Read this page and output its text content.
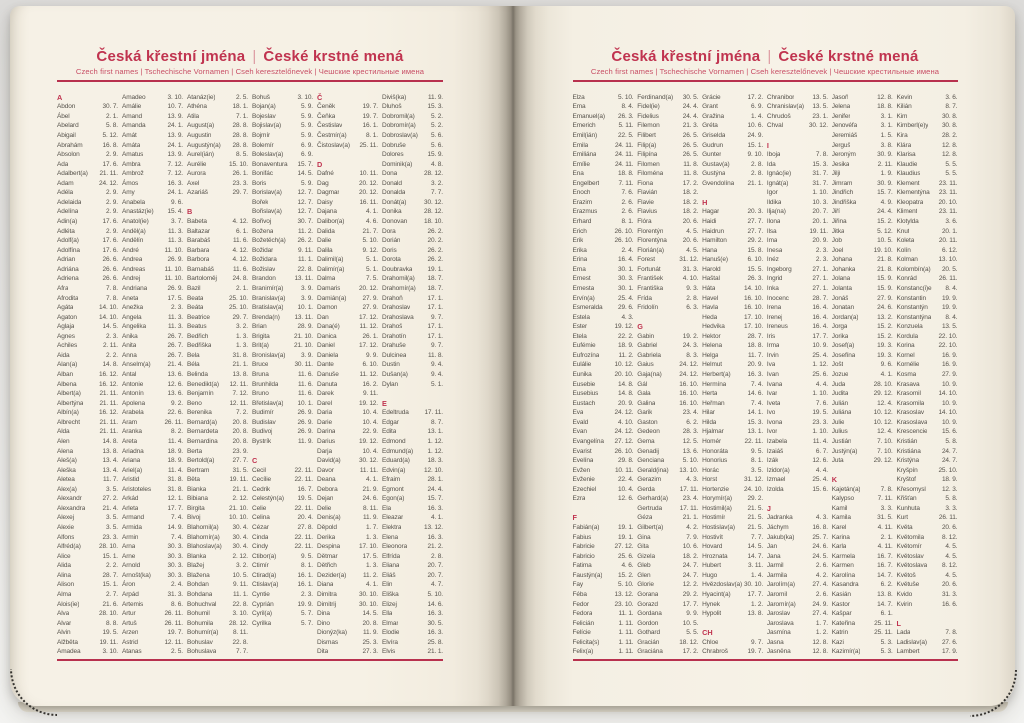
Česká křestní jména | České krstné mená
Czech first names | Tschechische Vornamen | Cseh keresztelőnevek | Чешские крестильные имена
A
Abdon	30. 7.
Ábel	2. 1.
Abelard	5. 8.
Abigail	5. 12.
Abrahám	16. 8.
Absolon	2. 9.
Ada	17. 6.
Adalbert(a) 21. 11.
Adam	24. 12.
Adéla	2. 9.
Adelaida	2. 9.
Adelína	2. 9.
Adin(a)	17. 6.
Adléta	2. 9.
Adolf(a)	17. 6.
Adolfína	17. 6.
Adrian	26. 6.
Adriána	26. 6.
Adriena	26. 6.
Afra	7. 8.
Afrodita	7. 8.
Agáta	14. 10.
Agaton	14. 10.
Aglaja	14. 5.
Agnes	2. 3.
Achiles	2. 11.
Aida	2. 2.
Alan(a)	14. 8.
Alban	16. 12.
Albena	16. 12.
Albert(a)	21. 11.
Albertýna 21. 11.
Albín(a)	16. 12.
Albrecht	21. 11.
Alda	21. 11.
Alen	14. 8.
Alena	13. 8.
Aleš(a)	13. 4.
Aleška	13. 4.
Aletea	11. 7.
Alex(a)	3. 5.
Alexandr	27. 2.
Alexandra	21. 4.
Alexej	3. 5.
Alexie	3. 5.
Alfons	23. 3.
Alfréd(a)	28. 10.
Alice	15. 1.
Alida	2. 2.
Alina	28. 7.
Alison	15. 1.
Alma	2. 7.
Alois(ie)	21. 6.
Alva	28. 10.
Alvar	8. 8.
Alvin	19. 5.
Alžběta	19. 11.
Amadea	3. 10.
Amadeo	3. 10.
Amálie	10. 7.
Amand	13. 9.
Amanda	24. 1.
Amát	13. 9.
Amáta	24. 1.
Amatus	13. 9.
Ambra	7. 12.
Ambrož	7. 12.
Ámos	16. 3.
Amy	24. 1.
Anabela	9. 6.
Anastáz(ie) 15. 4.
Anatol(ie)	3. 7.
Anděl(a)	11. 3.
Andělín	11. 3.
André	11. 10.
Andrea	26. 9.
Andreas	11. 10.
Andrej	11. 10.
Andriana	26. 9.
Aneta	17. 5.
Anežka	2. 3.
Angela	11. 3.
Angelika	11. 3.
Anika	26. 7.
Anita	26. 7.
Anna	26. 7.
Anselm(a)	21. 4.
Antal	13. 6.
Antonie	12. 6.
Antonín	13. 6.
Apolena	9. 2.
Arabela	22. 6.
Aram	26. 11.
Aranka	8. 2.
Areta	11. 4.
Ariadna	18. 9.
Ariana	18. 9.
Ariel(a)	11. 4.
Aristid	31. 8.
Aristoteles	31. 8.
Arkád	12. 1.
Arleta	17. 7.
Armand	7. 4.
Armida	14. 9.
Armin	7. 4.
Arna	30. 3.
Arne	30. 3.
Arnold	30. 3.
Arnošt(ka)	30. 3.
Áron	2. 4.
Arpád	31. 3.
Artemis	8. 6.
Artur	26. 11.
Artuš	26. 11.
Arzen	19. 7.
Astrid	12. 11.
Atanas	2. 5.
Atanáz(ie)	2. 5.
Athéna	18. 1.
Atila	7. 1.
August(a)	28. 8.
Augustin	28. 8.
Augustýn(a) 28. 8.
Aurel(ián)	8. 5.
Aurélie	15. 10.
Aurora	26. 1.
Axel	23. 3.
Azariáš	29. 7.
B
Babeta	4. 12.
Baltazar	6. 1.
Barabáš	11. 6.
Barbara	4. 12.
Barbora	4. 12.
Barnabáš	11. 6.
Bartoloměj 24. 8.
Bazil	2. 1.
Beata	25. 10.
Beáta	25. 10.
Beatrice	29. 7.
Beatus	3. 2.
Bedřich	1. 3.
Bedřiška	1. 3.
Bela	31. 8.
Béla	21. 1.
Belinda	13. 8.
Benedikt(a) 12. 11.
Benjamín	7. 12.
Beno	12. 11.
Berenika	7. 2.
Bernard(a) 20. 8.
Bernardeta 20. 8.
Bernardina 20. 8.
Berta	23. 9.
Bertold(a)	27. 7.
Bertram	31. 5.
Běta	19. 11.
Bianka	21. 1.
Bibiana	2. 12.
Birgita	21. 10.
Bivoj	10. 10.
Blahomil(a) 30. 4.
Blahomír(a) 30. 4.
Blahoslav(a) 30. 4.
Blanka	2. 12.
Blažej	3. 2.
Blažena	10. 5.
Bohdan	9. 11.
Bohdana	11. 1.
Bohuchval 22. 8.
Bohumil	3. 10.
Bohumila 28. 12.
Bohumír(a) 8. 11.
Bohuslav	22. 8.
Bohuslava	7. 7.
Bohuš	3. 10.
Bojan(a)	5. 9.
Bojeslav	5. 9.
Bojislav(a)	5. 9.
Bojmír	5. 9.
Bolemír	6. 9.
Boleslav(a)	6. 9.
Bonaventura 15. 7.
Bonifác	14. 5.
Boris	5. 9.
Borislav(a) 12. 7.
Bořek	12. 7.
Bořislav(a) 12. 7.
Bořivoj	30. 7.
Božena	11. 2.
Božetěch(a) 26. 2.
Božidar	9. 11.
Božidara	11. 1.
Božislav	22. 8.
Brandon	13. 11.
Branimír(a)	3. 9.
Branislav(a) 3. 9.
Bratislav(a) 10. 1.
Brenda(n) 13. 11.
Brian	28. 9.
Brigita	21. 10.
Brit(a)	21. 10.
Bronislav(a) 3. 9.
Bruce	30. 11.
Bruna	11. 6.
Brunhilda	11. 6.
Bruno	11. 6.
Břetislav(a) 10. 1.
Budimír	26. 9.
Budislav	26. 9.
Budivoj	26. 9.
Bystrík	11. 9.
C
Cecil	22. 11.
Cecílie	22. 11.
Cedrik	16. 7.
Celestýn(a) 19. 5.
Celie	22. 11.
Celina	20. 4.
Cézar	27. 8.
Cinda	22. 11.
Cindy	22. 11.
Ctibor(a)	9. 5.
Ctimír	8. 1.
Ctirad(a)	16. 1.
Ctislav(a)	16. 1.
Cyntie	2. 3.
Cyprián	19. 9.
Cyril(a)	5. 7.
Cyrilka	5. 7.
Č
Čeněk	19. 7.
Čeňka	19. 7.
Čestislav	16. 1.
Čestmír(a)	8. 1.
Čistoslav(a) 25. 11.
D
Dafné	10. 11.
Dag	20. 12.
Dagmar	20. 12.
Daisy	16. 11.
Dajana	4. 1.
Dalibor(a)	4. 6.
Dalida	21. 7.
Dalie	5. 10.
Dalila	9. 12.
Dalimil(a)	5. 1.
Dalimír(a)	5. 1.
Dalma	7. 5.
Damaris	20. 12.
Damián(a) 27. 9.
Damon	27. 9.
Dan	17. 12.
Dana(é)	11. 12.
Danica	26. 1.
Daniel	17. 12.
Daniela	9. 9.
Dante	6. 10.
Danuše	11. 12.
Danuta	16. 2.
Darek	9. 11.
Darel	19. 12.
Daria	10. 4.
Darie	10. 4.
Darina	22. 9.
Darius	19. 12.
Darja	10. 4.
David(a)	30. 12.
Davor	11. 11.
Deana	4. 1.
Debora	21. 9.
Dejan	24. 6.
Delie	8. 11.
Denis(a)	11. 9.
Děpold	1. 7.
Derika	1. 3.
Despina	17. 10.
Dětmar	17. 5.
Dětřich	1. 3.
Dezider(a)	11. 2.
Diana	4. 1.
Dimitra	30. 10.
Dimitrij	30. 10.
Dina	14. 5.
Dino	20. 8.
Dionýz(ka) 11. 9.
Dismas	25. 3.
Dita	27. 3.
Diviš(ka)	11. 9.
Dluhoš	15. 3.
Dobromil(a)	5. 2.
Dobromír(a) 5. 2.
Dobroslav(a) 5. 6.
Dobruše	5. 6.
Dolores	15. 9.
Dominik(a)	4. 8.
Dona	28. 12.
Donald	3. 2.
Donalda	7. 7.
Donát(a)	30. 12.
Donika	28. 12.
Donovan	18. 10.
Dora	26. 2.
Dorián	20. 2.
Doris	26. 2.
Dorota	26. 2.
Doubravka 19. 1.
Drahomil(a) 18. 7.
Drahomír(a) 18. 7.
Drahoň	17. 1.
Drahoslav	17. 1.
Drahoslava	9. 7.
Drahoš	17. 1.
Drahotín	17. 1.
Drahuše	9. 7.
Dulcinea	11. 8.
Dustin	9. 4.
Dušan(a)	9. 4.
Dylan	5. 1.
E
Edeltruda 17. 11.
Edgar	8. 7.
Edita	13. 1.
Edmond	1. 12.
Edmund(a) 1. 12.
Eduard(a)	18. 3.
Edvin(a)	12. 10.
Efraim	28. 1.
Egmont	24. 4.
Egon(a)	15. 7.
Ela	16. 3.
Eleazar	4. 1.
Elektra	13. 12.
Elena	16. 3.
Eleonora	21. 2.
Elfrída	2. 8.
Eliana	20. 7.
Eliáš	20. 7.
Elin	4. 7.
Eliška	5. 10.
Elizej	14. 6.
Ella	16. 3.
Elmar	30. 5.
Elodie	16. 3.
Elvíra	25. 8.
Elvis	21. 1.
Česká křestní jména | České krstné mená
Czech first names | Tschechische Vornamen | Cseh keresztelőnevek | Чешские крестильные имена
Elza	5. 10.
Ema	8. 4.
Emanuel(a) 26. 3.
Emerich	5. 11.
Emil(ián)	22. 5.
Emila	24. 11.
Emiliána	24. 11.
Emílie	24. 11.
Ena	18. 8.
Engelbert	7. 11.
Enoch	7. 6.
Erazim	2. 6.
Erazmus	2. 6.
Erhard	8. 1.
Erich	26. 10.
Erik	26. 10.
Erika	2. 4.
Erina	16. 4.
Erna	30. 1.
Ernest	30. 3.
Ernesta	30. 1.
Ervín(a)	25. 4.
Esmeralda 29. 6.
Estela	4. 3.
Ester	19. 12.
Etela	22. 2.
Eufémie	18. 9.
Eufrozína	11. 2.
Eulálie	10. 12.
Eunika	20. 10.
Eusebie	14. 8.
Eusebius	14. 8.
Eustach	20. 9.
Eva	24. 12.
Evald	4. 10.
Evan	24. 12.
Evangelína 27. 12.
Evarist	26. 10.
Evelína	29. 8.
Evžen	10. 11.
Evženie	22. 4.
Ezechiel	10. 4.
Ezra	12. 6.
F
Fabián(a)	19. 1.
Fabius	19. 1.
Fabricie	27. 12.
Fabricio	25. 6.
Fatima	4. 6.
Faustýn(a) 15. 2.
Fay	5. 10.
Féba	13. 12.
Fedor	23. 10.
Fedora	11. 1.
Felicián	1. 11.
Felície	1. 11.
Felicita(s)	1. 11.
Felix(a)	1. 11.
Ferdinand(a) 30. 5.
Fidel(ie)	24. 4.
Fidelius	24. 4.
Filemon	21. 3.
Filibert	26. 5.
Filip(a)	26. 5.
Filipína	26. 5.
Filomen	11. 8.
Filoména	11. 8.
Fiona	17. 2.
Flavián	18. 2.
Flavie	18. 2.
Flavius	18. 2.
Flóra	20. 6.
Florentýn	4. 5.
Florentýna 20. 6.
Florián(a)	4. 5.
Forest	31. 12.
Fortunát	31. 3.
František	4. 10.
Františka	9. 3.
Frída	2. 8.
Fridolín	6. 3.
G
Gabin	19. 2.
Gabriel	24. 3.
Gabriela	8. 3.
Gaius	24. 12.
Gaja(na)	24. 12.
Gál	16. 10.
Gala	16. 10.
Galina	16. 10.
Garik	23. 4.
Gaston	6. 2.
Gedeon	28. 3.
Gema	12. 5.
Genadij	13. 6.
Genciana	5. 10.
Gerald(ina) 13. 10.
Gerazim	4. 3.
Gerda	17. 11.
Gerhard(a) 23. 4.
Gertruda	17. 11.
Géza	21. 1.
Gilbert(a)	4. 2.
Gina	7. 9.
Gita	10. 6.
Gizela	18. 2.
Gleb	24. 7.
Glen	24. 7.
Glorie	12. 2.
Gorana	29. 2.
Gorazd	17. 7.
Gordana	9. 9.
Gordon	10. 5.
Gothard	5. 5.
Gracián	18. 12.
Graciána	17. 2.
Grácie	17. 2.
Grant	6. 9.
Gražina	1. 4.
Gréta	10. 6.
Griselda	24. 9.
Gudrun	15. 1.
Gunter	9. 10.
Gustav(a)	2. 8.
Gustýna	2. 8.
Gvendolína 21. 1.
H
Hagar	20. 3.
Haidi	27. 7.
Haidrun	27. 7.
Hamilton	29. 2.
Hana	15. 8.
Hanuš(e)	6. 10.
Harold	15. 5.
Haštal	26. 3.
Háta	14. 10.
Havel	16. 10.
Havla	16. 10.
Heda	17. 10.
Hedvika	17. 10.
Hektor	28. 7.
Helena	18. 8.
Helga	11. 7.
Helmut	20. 9.
Herbert(a)	16. 3.
Hermína	7. 4.
Herta	14. 6.
Heřman	7. 4.
Hilar	14. 1.
Hilda	15. 3.
Hjalmar	13. 1.
Homér	22. 11.
Honoráta	9. 5.
Honorius	8. 1.
Horác	3. 5.
Horst	31. 12.
Hortenzie 24. 10.
Horymír(a) 29. 2.
Hostimil(a) 21. 5.
Hostimír	21. 5.
Hostislav(a) 21. 5.
Hostivít	7. 7.
Hovard	14. 5.
Hroznata	14. 7.
Hubert	3. 11.
Hugo	1. 4.
Hvězdoslav(a) 30. 10.
Hyacint(a)	17. 7.
Hynek	1. 2.
Hypolit	13. 8.
CH
Chloe	9. 7.
Chrabroš	19. 7.
Chranibor	13. 5.
Chranislav(a) 13. 5.
Chrudoš	23. 1.
Chval	30. 12.
I
Iboja	7. 8.
Ida	15. 3.
Ignác(ie)	31. 7.
Ignát(a)	31. 7.
Igor	1. 10.
Ildika	10. 3.
Ilja(na)	20. 7.
Ilona	20. 1.
Ilsa	19. 11.
Ima	20. 9.
Inesa	2. 3.
Inéz	2. 3.
Ingeborg	27. 1.
Ingrid	27. 1.
Inka	27. 1.
Inocenc	28. 7.
Irena	16. 4.
Irenej	16. 4.
Ireneus	16. 4.
Iris	17. 7.
Irma	10. 9.
Irvin	25. 4.
Iva	1. 12.
Ivan	25. 6.
Ivana	4. 4.
Ivar	1. 10.
Iveta	7. 6.
Ivo	19. 5.
Ivona	23. 3.
Ivor	1. 10.
Izabela	11. 4.
Izaiáš	6. 7.
Izák	12. 6.
Izidor(a)	4. 4.
Izmael	25. 4.
Izolda	15. 6.
J
Jadranka	4. 3.
Jáchym	16. 8.
Jakub(ka)	25. 7.
Jan	24. 6.
Jana	24. 5.
Jarmil	2. 6.
Jarmila	4. 2.
Jarolím(a)	27. 4.
Jaromil	2. 6.
Jaromír(a)	24. 9.
Jaroslav	27. 4.
Jaroslava	1. 7.
Jasmína	1. 2.
Jasna	12. 8.
Jasněna	12. 8.
Jasoň	12. 8.
Jelena	18. 8.
Jenifer	3. 1.
Jenovéfa	3. 1.
Jeremiáš	1. 5.
Jerguš	3. 8.
Jeroným	30. 9.
Jesika	2. 11.
Jiljí	1. 9.
Jimram	30. 9.
Jindřich	15. 7.
Jindřiška	4. 9.
Jiří	24. 4.
Jiřina	15. 2.
Jitka	5. 12.
Job	10. 5.
Joel	19. 10.
Johana	21. 8.
Johanka	21. 8.
Jolana	15. 9.
Jolanta	15. 9.
Jonáš	27. 9.
Jonatan	24. 6.
Jordan(a)	13. 2.
Jorga	15. 2.
Jorika	15. 2.
Josef(a)	19. 3.
Josefína	19. 3.
Jošt	9. 6.
Jozue	4. 1.
Juda	28. 10.
Judita	29. 12.
Julián	12. 4.
Juliána	10. 12.
Julie	10. 12.
Julius	12. 4.
Justián	7. 10.
Justýn(a)	7. 10.
Juta	29. 12.
K
Kajetán(a)	7. 8.
Kalypso	7. 11.
Kamil	3. 3.
Kamila	31. 5.
Karel	4. 11.
Karina	2. 1.
Karla	4. 11.
Karmela	16. 7.
Karmen	16. 7.
Karolína	14. 7.
Kasandra	6. 2.
Kasián	13. 8.
Kastor	14. 7.
Kašpar	6. 1.
Kateřina	25. 11.
Katrin	25. 11.
Kazi	5. 3.
Kazimír(a)	5. 3.
Kevin	3. 6.
Kilián	8. 7.
Kim	30. 8.
Kimberl(e)y 30. 8.
Kira	28. 2.
Klára	12. 8.
Klarisa	12. 8.
Klaudie	5. 5.
Klaudius	5. 5.
Klement	23. 11.
Klementýna 23. 11.
Kleopatra 20. 10.
Kliment	23. 11.
Klotylda	3. 6.
Knut	20. 1.
Koleta	20. 11.
Kolín	6. 12.
Kolman	13. 10.
Kolombín(a) 20. 5.
Konrád	26. 11.
Konstanc(i)e 8. 4.
Konstantin 19. 9.
Konstantýn 19. 9.
Konstantýna 8. 4.
Konzuela	13. 5.
Kordula	22. 10.
Korina	22. 10.
Kornel	16. 9.
Kornélie	16. 9.
Kosma	27. 9.
Krasava	10. 9.
Krasomil	14. 10.
Krasomila	10. 9.
Krasoslav 14. 10.
Krasoslava 10. 9.
Krescencie 15. 6.
Kristián	5. 8.
Kristiána	24. 7.
Kristýna	24. 7.
Kryšpín	25. 10.
Kryštof	18. 9.
Křesomysl 12. 3.
Křišťan	5. 8.
Kunhuta	3. 3.
Kurt	26. 11.
Květa	20. 6.
Květomila	8. 12.
Květomír	4. 5.
Květoslav	4. 5.
Květoslava 8. 12.
Květoš	4. 5.
Květuše	20. 6.
Kvido	31. 3.
Kvirin	16. 6.
L
Lada	7. 8.
Ladislav(a) 27. 6.
Lambert	17. 9.
